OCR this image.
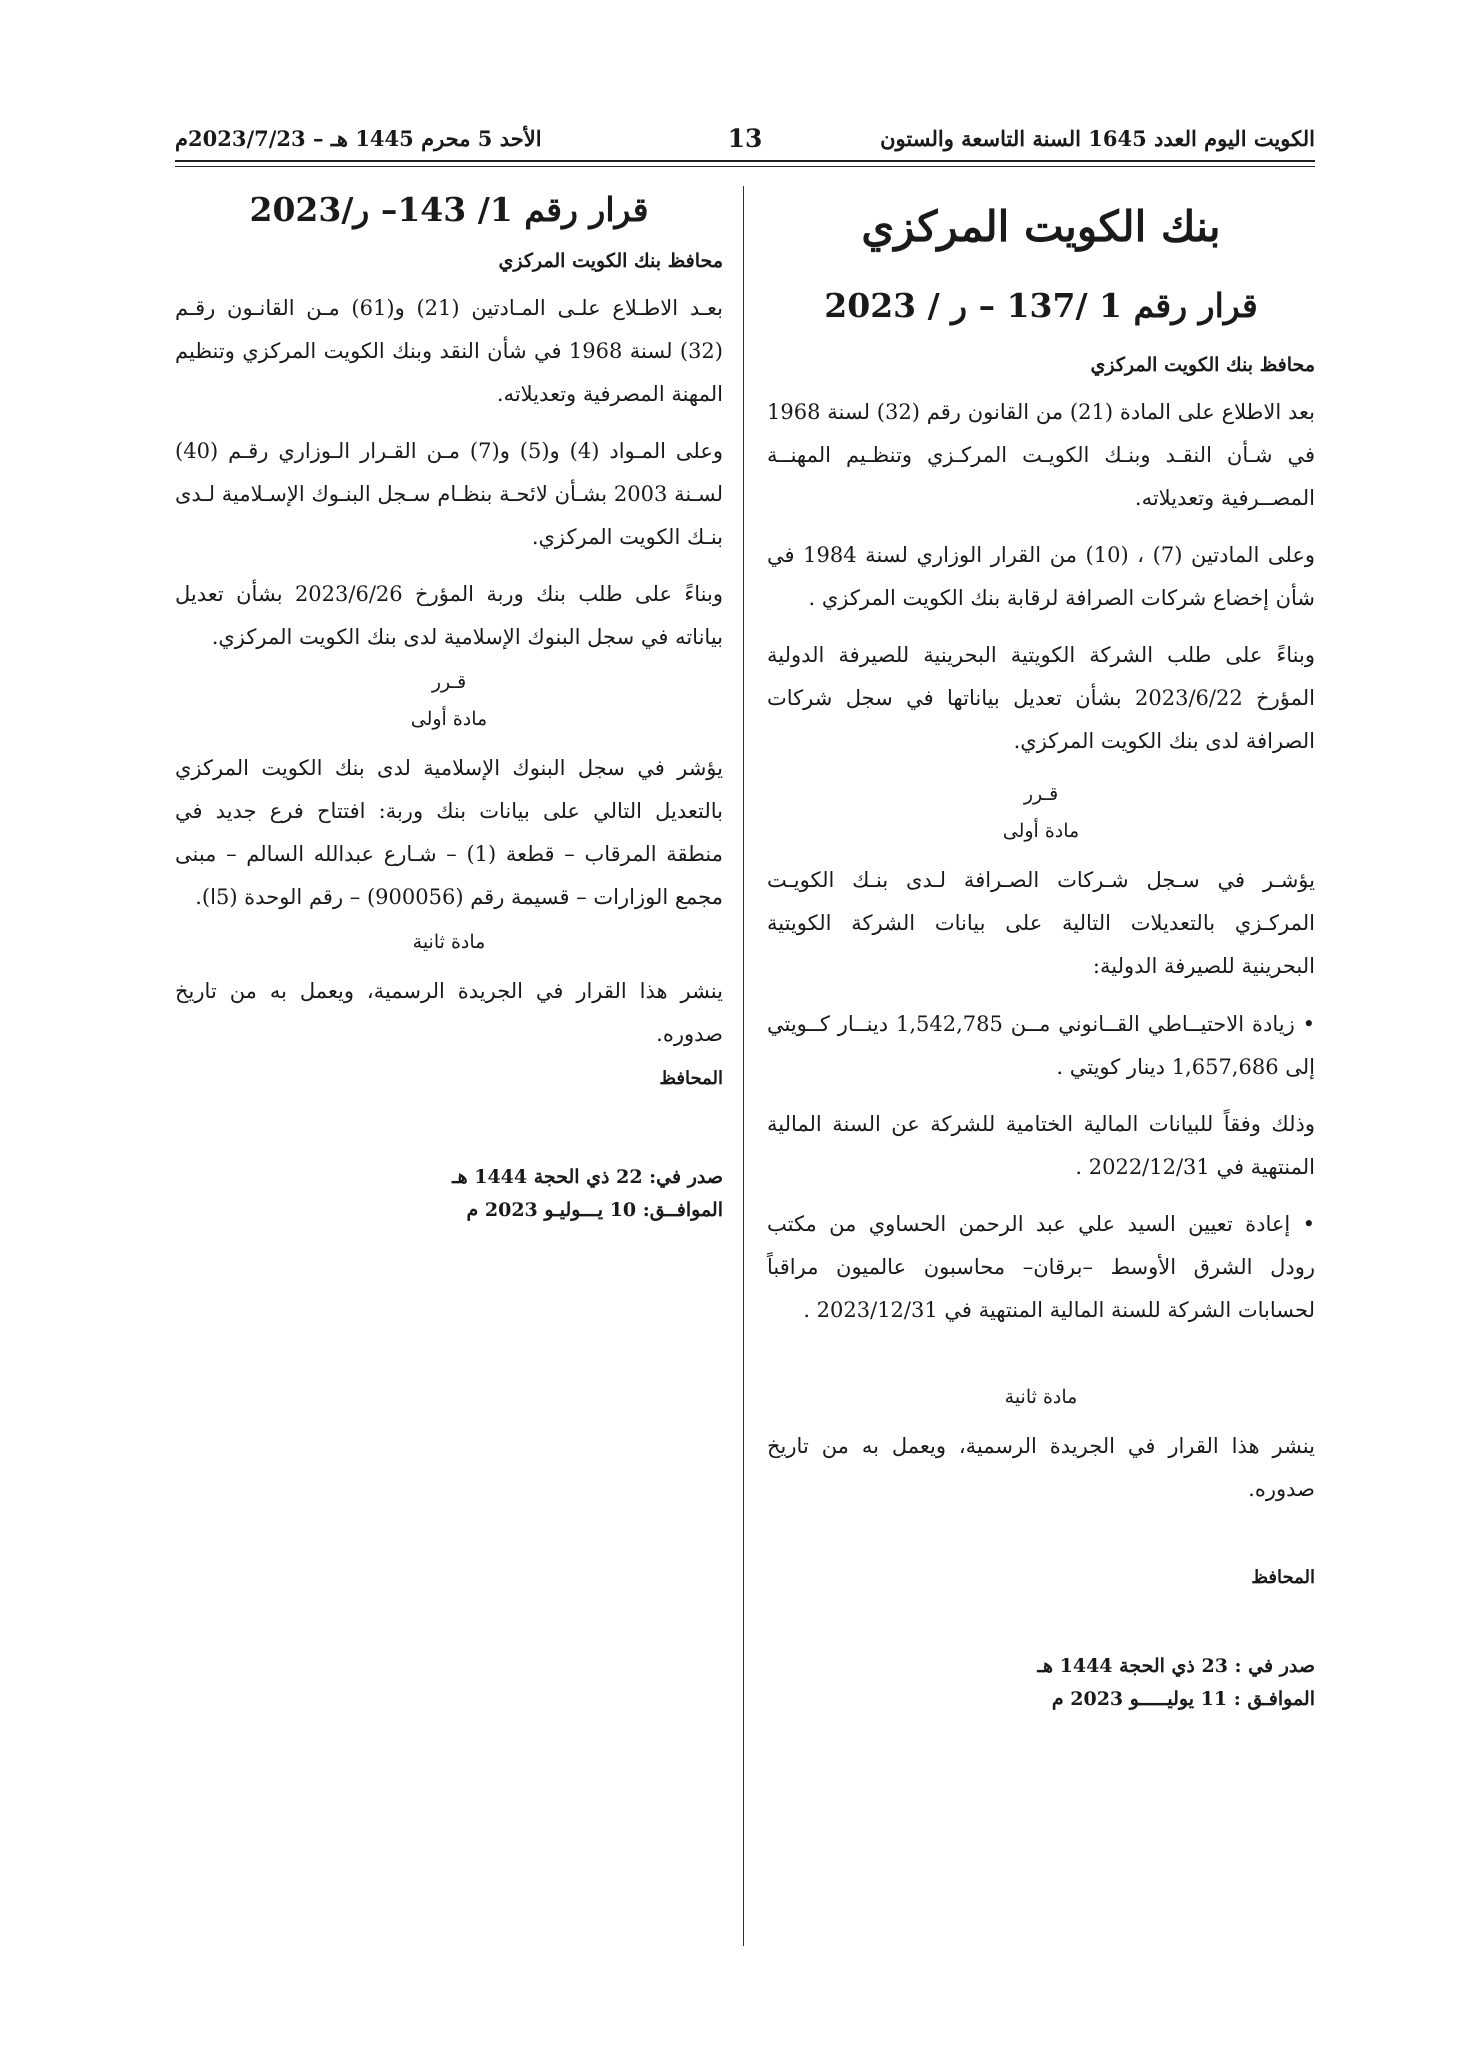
الكويت اليوم العدد 1645 السنة التاسعة والستون
13
الأحد 5 محرم 1445 هـ – 2023/7/23م
بنك الكويت المركزي
قرار رقم 1 /137 – ر / 2023

محافظ بنك الكويت المركزي

بعد الاطلاع على المادة (21) من القانون رقم (32) لسنة 1968 في شـأن النقـد وبنـك الكويـت المركـزي وتنظـيم المهنــة المصــرفية وتعديلاته.

وعلى المادتين (7) ، (10) من القرار الوزاري لسنة 1984 في شأن إخضاع شركات الصرافة لرقابة بنك الكويت المركزي .

وبناءً على طلب الشركة الكويتية البحرينية للصيرفة الدولية المؤرخ 2023/6/22 بشأن تعديل بياناتها في سجل شركات الصرافة لدى بنك الكويت المركزي.

قـرر

مادة أولى

يؤشـر في سـجل شـركات الصـرافة لـدى بنـك الكويـت المركـزي بالتعديلات التالية على بيانات الشركة الكويتية البحرينية للصيرفة الدولية:

• زيادة الاحتيــاطي القــانوني مــن 1,542,785 دينــار كــويتي إلى 1,657,686 دينار كويتي .

وذلك وفقاً للبيانات المالية الختامية للشركة عن السنة المالية المنتهية في 2022/12/31 .

• إعادة تعيين السيد علي عبد الرحمن الحساوي من مكتب رودل الشرق الأوسط –برقان– محاسبون عالميون مراقباً لحسابات الشركة للسنة المالية المنتهية في 2023/12/31 .

مادة ثانية

ينشر هذا القرار في الجريدة الرسمية، ويعمل به من تاريخ صدوره.

المحافظ

صدر في : 23 ذي الحجة 1444 هـ

الموافـق : 11 يوليـــــو 2023 م

قرار رقم 1/ 143– ر/2023

محافظ بنك الكويت المركزي

بعـد الاطـلاع علـى المـادتين (21) و(61) مـن القانـون رقـم (32) لسنة 1968 في شأن النقد وبنك الكويت المركزي وتنظيم المهنة المصرفية وتعديلاته.

وعلى المـواد (4) و(5) و(7) مـن القـرار الـوزاري رقـم (40) لسـنة 2003 بشـأن لائحـة بنظـام سـجل البنـوك الإسـلامية لـدى بنـك الكويت المركزي.

وبناءً على طلب بنك وربة المؤرخ 2023/6/26 بشأن تعديل بياناته في سجل البنوك الإسلامية لدى بنك الكويت المركزي.

قـرر

مادة أولى

يؤشر في سجل البنوك الإسلامية لدى بنك الكويت المركزي بالتعديل التالي على بيانات بنك وربة: افتتاح فرع جديد في منطقة المرقاب – قطعة (1) – شـارع عبدالله السالم – مبنى مجمع الوزارات – قسيمة رقم (900056) – رقم الوحدة (5ا).

مادة ثانية

ينشر هذا القرار في الجريدة الرسمية، ويعمل به من تاريخ صدوره.

المحافظ

صدر في: 22 ذي الحجة 1444 هـ

الموافــق: 10 يـــوليـو 2023 م
